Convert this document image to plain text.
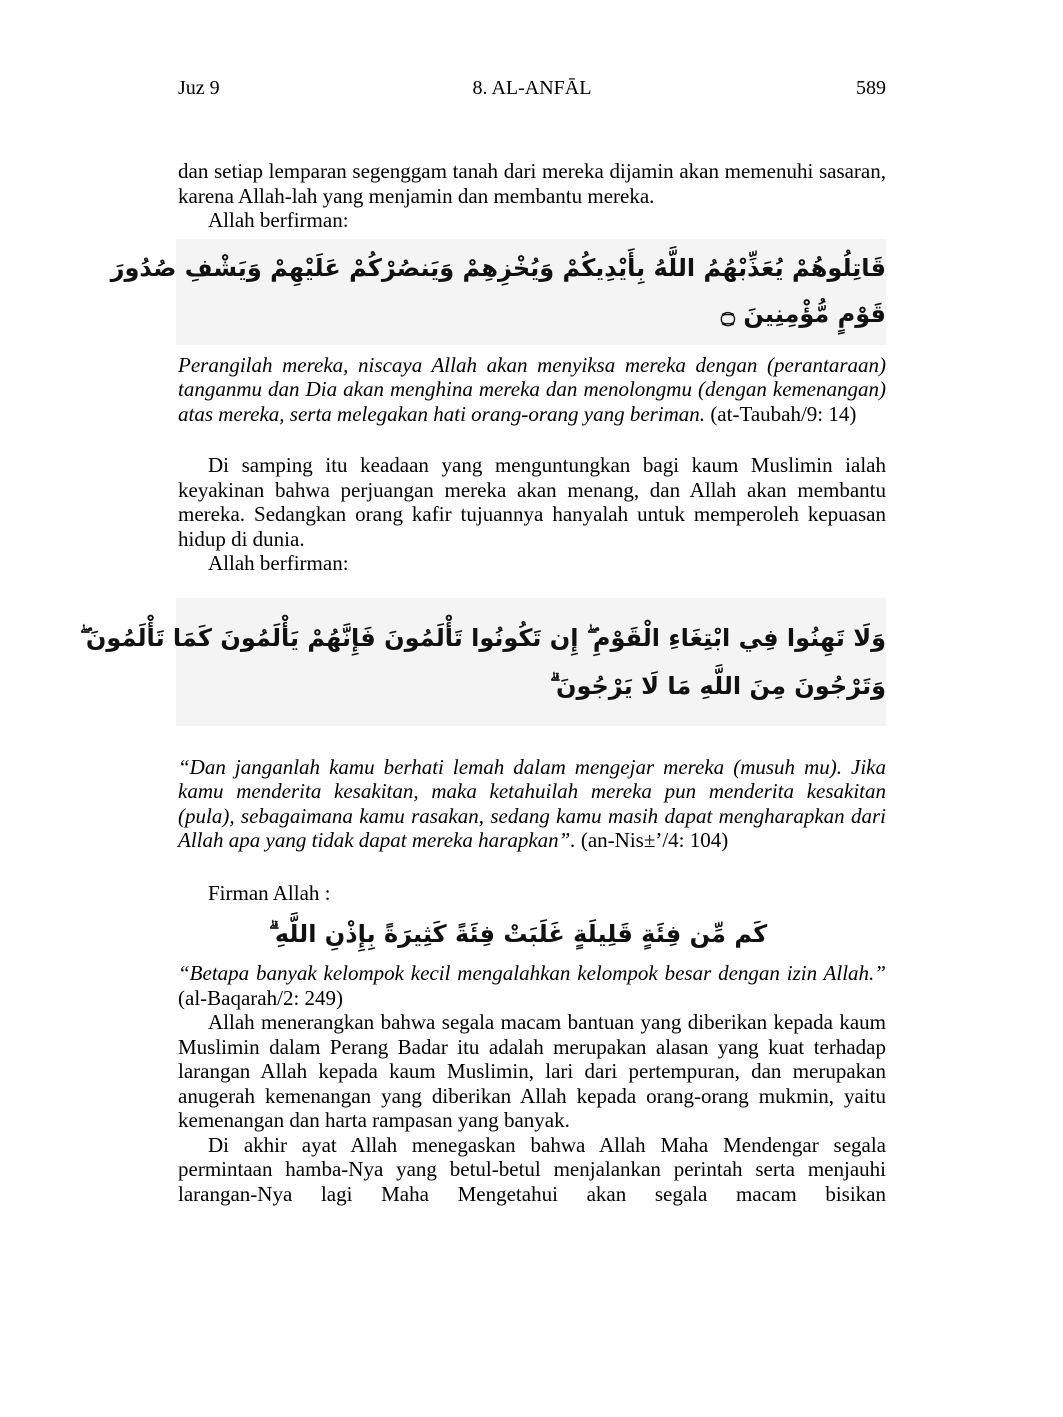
Juz 9	8. AL-ANFĀL	589

dan setiap lemparan segenggam tanah dari mereka dijamin akan memenuhi sasaran, karena Allah-lah yang menjamin dan membantu mereka.

Allah berfirman:
قَاتِلُوهُمْ يُعَذِّبْهُمُ اللَّهُ بِأَيْدِيكُمْ وَيُخْزِهِمْ وَيَنصُرْكُمْ عَلَيْهِمْ وَيَشْفِ صُدُورَ
قَوْمٍ مُّؤْمِنِينَ ۝

Perangilah mereka, niscaya Allah akan menyiksa mereka dengan (perantaraan) tanganmu dan Dia akan menghina mereka dan menolongmu (dengan kemenangan) atas mereka, serta melegakan hati orang-orang yang beriman. (at-Taubah/9: 14)

Di samping itu keadaan yang menguntungkan bagi kaum Muslimin ialah keyakinan bahwa perjuangan mereka akan menang, dan Allah akan membantu mereka. Sedangkan orang kafir tujuannya hanyalah untuk memperoleh kepuasan hidup di dunia.

Allah berfirman:
وَلَا تَهِنُوا فِي ابْتِغَاءِ الْقَوْمِ ۖ إِن تَكُونُوا تَأْلَمُونَ فَإِنَّهُمْ يَأْلَمُونَ كَمَا تَأْلَمُونَ ۖ
وَتَرْجُونَ مِنَ اللَّهِ مَا لَا يَرْجُونَ ۗ

“Dan janganlah kamu berhati lemah dalam mengejar mereka (musuh mu). Jika kamu menderita kesakitan, maka ketahuilah mereka pun menderita kesakitan (pula), sebagaimana kamu rasakan, sedang kamu masih dapat mengharapkan dari Allah apa yang tidak dapat mereka harapkan”. (an-Nis±’/4: 104)

Firman Allah :
كَم مِّن فِئَةٍ قَلِيلَةٍ غَلَبَتْ فِئَةً كَثِيرَةً بِإِذْنِ اللَّهِ ۗ

“Betapa banyak kelompok kecil mengalahkan kelompok besar dengan izin Allah.” (al-Baqarah/2: 249)

Allah menerangkan bahwa segala macam bantuan yang diberikan kepada kaum Muslimin dalam Perang Badar itu adalah merupakan alasan yang kuat terhadap larangan Allah kepada kaum Muslimin, lari dari pertempuran, dan merupakan anugerah kemenangan yang diberikan Allah kepada orang-orang mukmin, yaitu kemenangan dan harta rampasan yang banyak.

Di akhir ayat Allah menegaskan bahwa Allah Maha Mendengar segala permintaan hamba-Nya yang betul-betul menjalankan perintah serta menjauhi larangan-Nya lagi Maha Mengetahui akan segala macam bisikan
